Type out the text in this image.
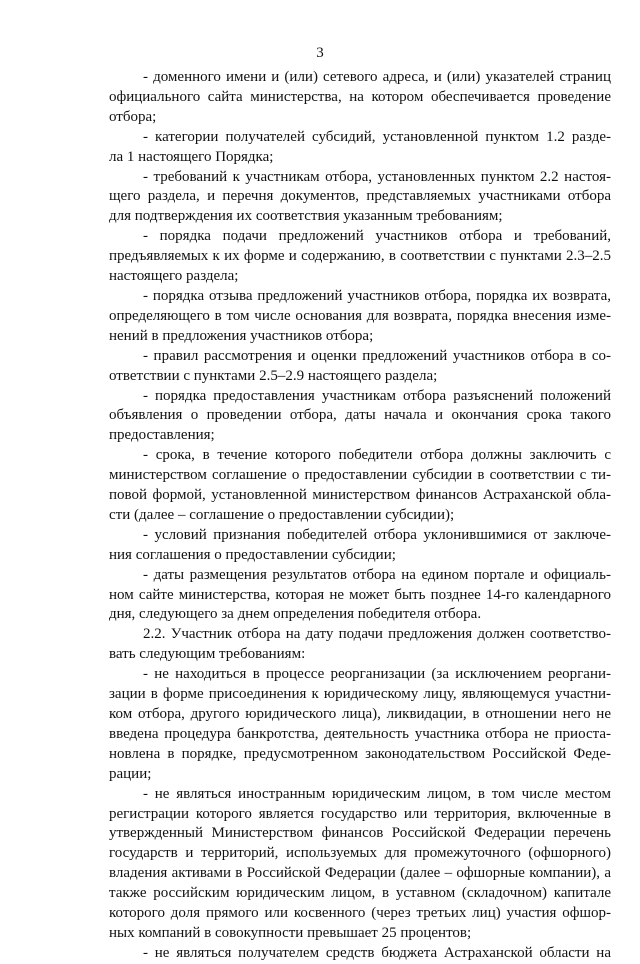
3
- доменного имени и (или) сетевого адреса, и (или) указателей страниц
официального сайта министерства, на котором обеспечивается проведение
отбора;
- категории получателей субсидий, установленной пунктом 1.2 разде-
ла 1 настоящего Порядка;
- требований к участникам отбора, установленных пунктом 2.2 настоя-
щего раздела, и перечня документов, представляемых участниками отбора
для подтверждения их соответствия указанным требованиям;
- порядка подачи предложений участников отбора и требований,
предъявляемых к их форме и содержанию, в соответствии с пунктами 2.3–2.5
настоящего раздела;
- порядка отзыва предложений участников отбора, порядка их возврата,
определяющего в том числе основания для возврата, порядка внесения изме-
нений в предложения участников отбора;
- правил рассмотрения и оценки предложений участников отбора в со-
ответствии с пунктами 2.5–2.9 настоящего раздела;
- порядка предоставления участникам отбора разъяснений положений
объявления о проведении отбора, даты начала и окончания срока такого
предоставления;
- срока, в течение которого победители отбора должны заключить с
министерством соглашение о предоставлении субсидии в соответствии с ти-
повой формой, установленной министерством финансов Астраханской обла-
сти (далее – соглашение о предоставлении субсидии);
- условий признания победителей отбора уклонившимися от заключе-
ния соглашения о предоставлении субсидии;
- даты размещения результатов отбора на едином портале и официаль-
ном сайте министерства, которая не может быть позднее 14-го календарного
дня, следующего за днем определения победителя отбора.
2.2. Участник отбора на дату подачи предложения должен соответство-
вать следующим требованиям:
- не находиться в процессе реорганизации (за исключением реоргани-
зации в форме присоединения к юридическому лицу, являющемуся участни-
ком отбора, другого юридического лица), ликвидации, в отношении него не
введена процедура банкротства, деятельность участника отбора не приоста-
новлена в порядке, предусмотренном законодательством Российской Феде-
рации;
- не являться иностранным юридическим лицом, в том числе местом
регистрации которого является государство или территория, включенные в
утвержденный Министерством финансов Российской Федерации перечень
государств и территорий, используемых для промежуточного (офшорного)
владения активами в Российской Федерации (далее – офшорные компании), а
также российским юридическим лицом, в уставном (складочном) капитале
которого доля прямого или косвенного (через третьих лиц) участия офшор-
ных компаний в совокупности превышает 25 процентов;
- не являться получателем средств бюджета Астраханской области на
